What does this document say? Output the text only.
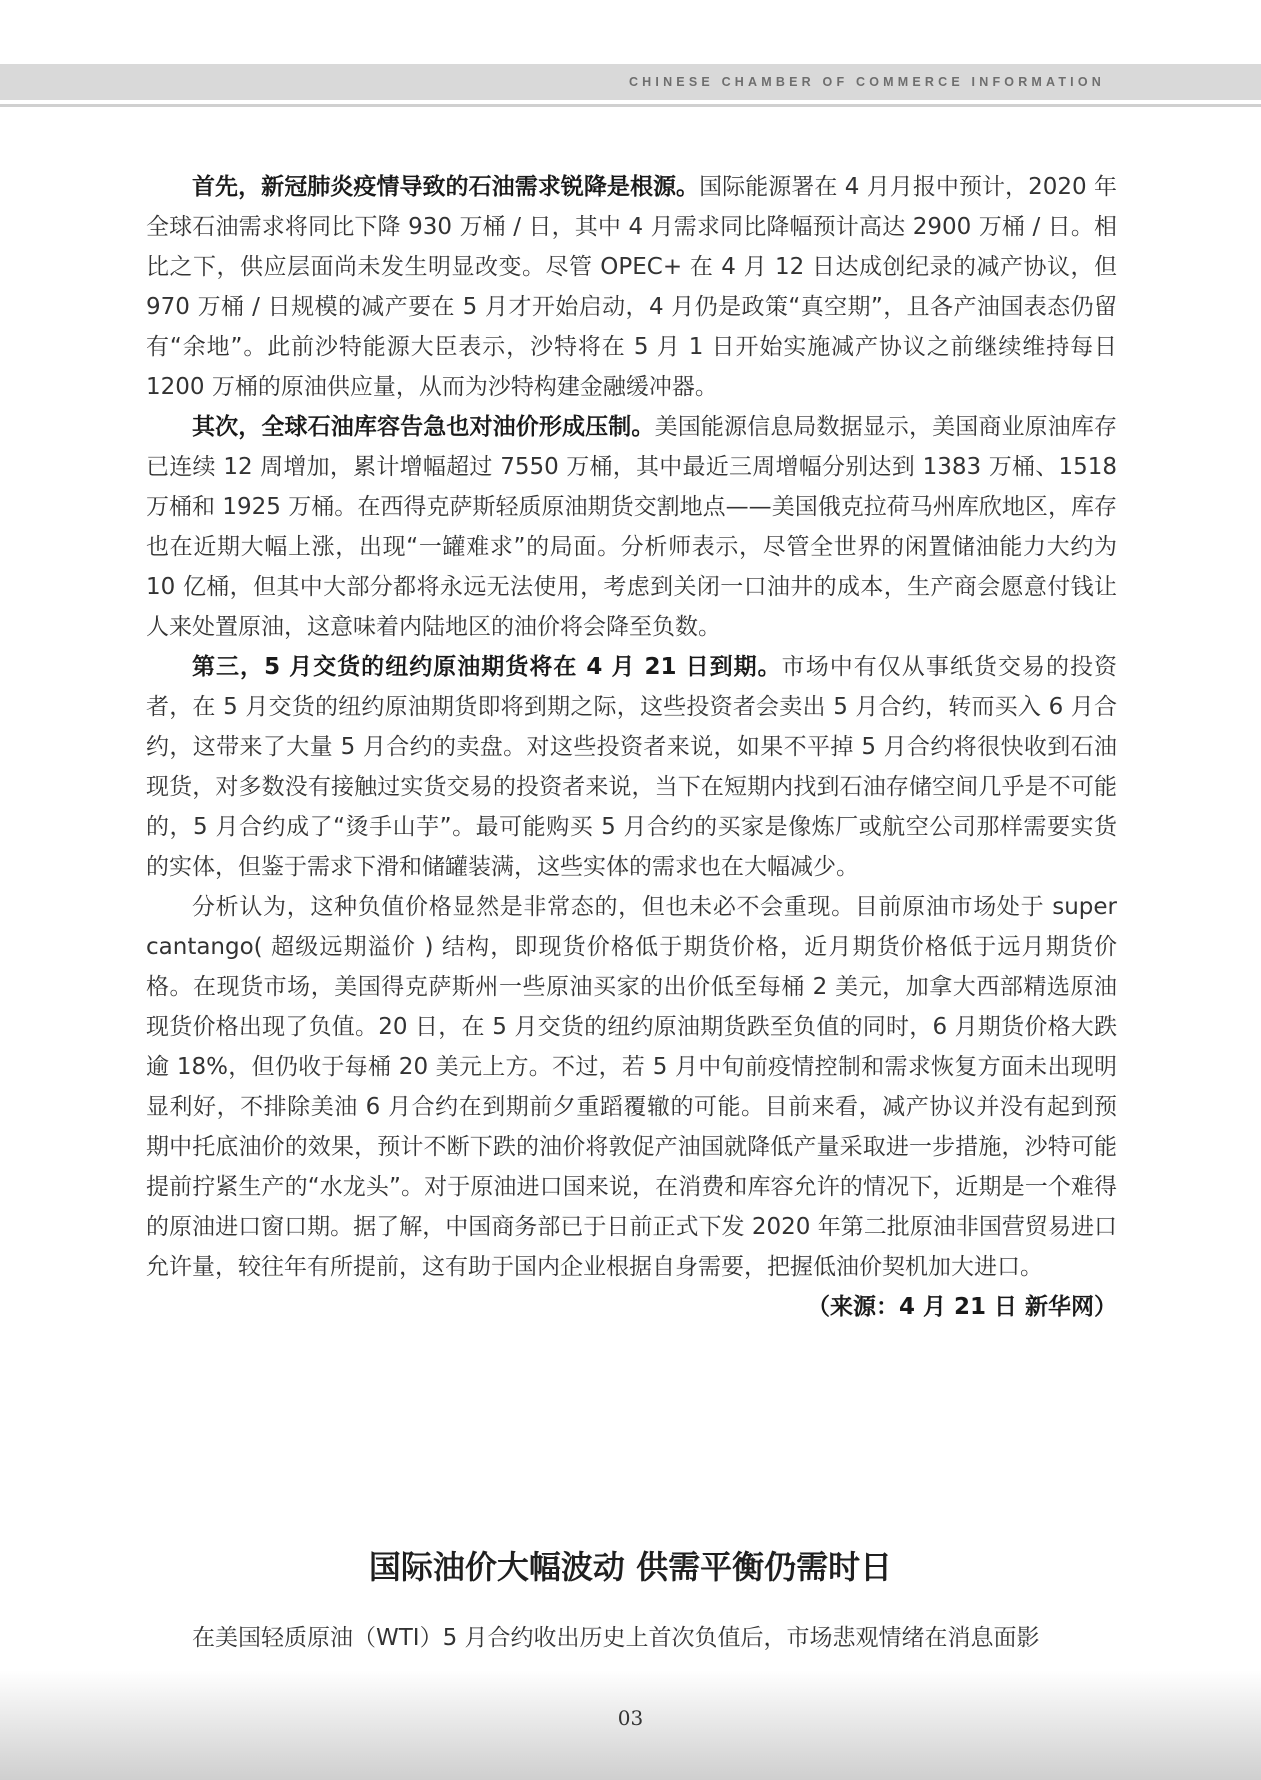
CHINESE CHAMBER OF COMMERCE INFORMATION

首先，新冠肺炎疫情导致的石油需求锐降是根源。国际能源署在 4 月月报中预计，2020 年全球石油需求将同比下降 930 万桶 / 日，其中 4 月需求同比降幅预计高达 2900 万桶 / 日。相比之下，供应层面尚未发生明显改变。尽管 OPEC+ 在 4 月 12 日达成创纪录的减产协议，但 970 万桶 / 日规模的减产要在 5 月才开始启动，4 月仍是政策“真空期”，且各产油国表态仍留有“余地”。此前沙特能源大臣表示，沙特将在 5 月 1 日开始实施减产协议之前继续维持每日 1200 万桶的原油供应量，从而为沙特构建金融缓冲器。

其次，全球石油库容告急也对油价形成压制。美国能源信息局数据显示，美国商业原油库存已连续 12 周增加，累计增幅超过 7550 万桶，其中最近三周增幅分别达到 1383 万桶、1518 万桶和 1925 万桶。在西得克萨斯轻质原油期货交割地点——美国俄克拉荷马州库欣地区，库存也在近期大幅上涨，出现“一罐难求”的局面。分析师表示，尽管全世界的闲置储油能力大约为 10 亿桶，但其中大部分都将永远无法使用，考虑到关闭一口油井的成本，生产商会愿意付钱让人来处置原油，这意味着内陆地区的油价将会降至负数。

第三，5 月交货的纽约原油期货将在 4 月 21 日到期。市场中有仅从事纸货交易的投资者，在 5 月交货的纽约原油期货即将到期之际，这些投资者会卖出 5 月合约，转而买入 6 月合约，这带来了大量 5 月合约的卖盘。对这些投资者来说，如果不平掉 5 月合约将很快收到石油现货，对多数没有接触过实货交易的投资者来说，当下在短期内找到石油存储空间几乎是不可能的，5 月合约成了“烫手山芋”。最可能购买 5 月合约的买家是像炼厂或航空公司那样需要实货的实体，但鉴于需求下滑和储罐装满，这些实体的需求也在大幅减少。

分析认为，这种负值价格显然是非常态的，但也未必不会重现。目前原油市场处于 super cantango( 超级远期溢价 ) 结构，即现货价格低于期货价格，近月期货价格低于远月期货价格。在现货市场，美国得克萨斯州一些原油买家的出价低至每桶 2 美元，加拿大西部精选原油现货价格出现了负值。20 日，在 5 月交货的纽约原油期货跌至负值的同时，6 月期货价格大跌逾 18%，但仍收于每桶 20 美元上方。不过，若 5 月中旬前疫情控制和需求恢复方面未出现明显利好，不排除美油 6 月合约在到期前夕重蹈覆辙的可能。目前来看，减产协议并没有起到预期中托底油价的效果，预计不断下跌的油价将敦促产油国就降低产量采取进一步措施，沙特可能提前拧紧生产的“水龙头”。对于原油进口国来说，在消费和库容允许的情况下，近期是一个难得的原油进口窗口期。据了解，中国商务部已于日前正式下发 2020 年第二批原油非国营贸易进口允许量，较往年有所提前，这有助于国内企业根据自身需要，把握低油价契机加大进口。
（来源：4 月 21 日 新华网）

国际油价大幅波动 供需平衡仍需时日

在美国轻质原油（WTI）5 月合约收出历史上首次负值后，市场悲观情绪在消息面影

03
